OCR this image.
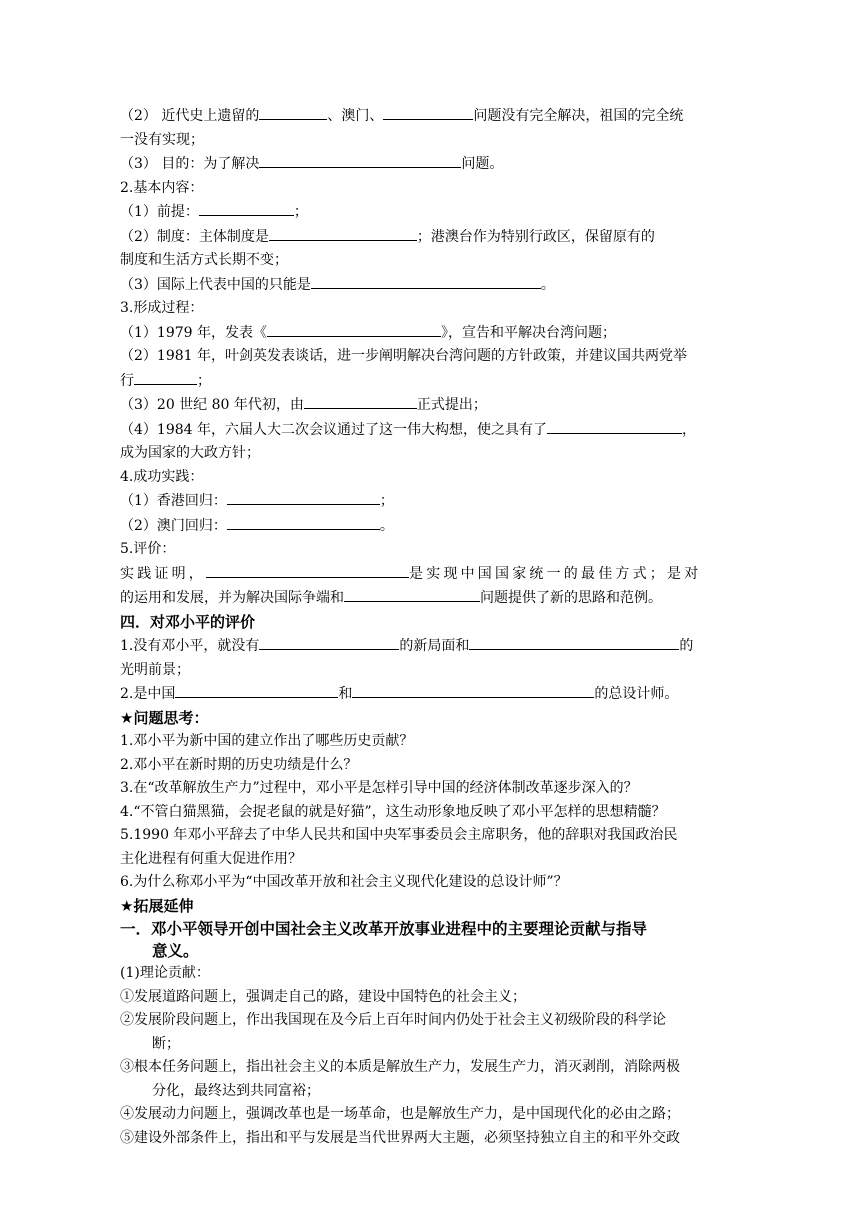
（2） 近代史上遗留的	、澳门、	问题没有完全解决，祖国的完全统
一没有实现；
（3） 目的：为了解决	问题。
2.基本内容：
（1）前提：	；
（2）制度：主体制度是	；港澳台作为特别行政区，保留原有的
制度和生活方式长期不变；
（3）国际上代表中国的只能是	。
3.形成过程：
（1）1979 年，发表《	》，宣告和平解决台湾问题；
（2）1981 年，叶剑英发表谈话，进一步阐明解决台湾问题的方针政策，并建议国共两党举
行	；
（3）20 世纪 80 年代初，由	正式提出；
（4）1984 年，六届人大二次会议通过了这一伟大构想，使之具有了	，
成为国家的大政方针；
4.成功实践：
（1）香港回归：	；
（2）澳门回归：	。
5.评价：
实践证明，	是实现中国国家统一的最佳方式；是对
的运用和发展，并为解决国际争端和	问题提供了新的思路和范例。
四．对邓小平的评价
1.没有邓小平，就没有	的新局面和	的
光明前景；
2.是中国	和	的总设计师。
★问题思考：
1.邓小平为新中国的建立作出了哪些历史贡献？
2.邓小平在新时期的历史功绩是什么？
3.在“改革解放生产力”过程中，邓小平是怎样引导中国的经济体制改革逐步深入的？
4.“不管白猫黑猫，会捉老鼠的就是好猫”，这生动形象地反映了邓小平怎样的思想精髓？
5.1990 年邓小平辞去了中华人民共和国中央军事委员会主席职务，他的辞职对我国政治民
主化进程有何重大促进作用？
6.为什么称邓小平为“中国改革开放和社会主义现代化建设的总设计师”？
★拓展延伸
一．邓小平领导开创中国社会主义改革开放事业进程中的主要理论贡献与指导
意义。
(1)理论贡献：
①发展道路问题上，强调走自己的路，建设中国特色的社会主义；
②发展阶段问题上，作出我国现在及今后上百年时间内仍处于社会主义初级阶段的科学论
断；
③根本任务问题上，指出社会主义的本质是解放生产力，发展生产力，消灭剥削，消除两极
分化，最终达到共同富裕；
④发展动力问题上，强调改革也是一场革命，也是解放生产力，是中国现代化的必由之路；
⑤建设外部条件上，指出和平与发展是当代世界两大主题，必须坚持独立自主的和平外交政
